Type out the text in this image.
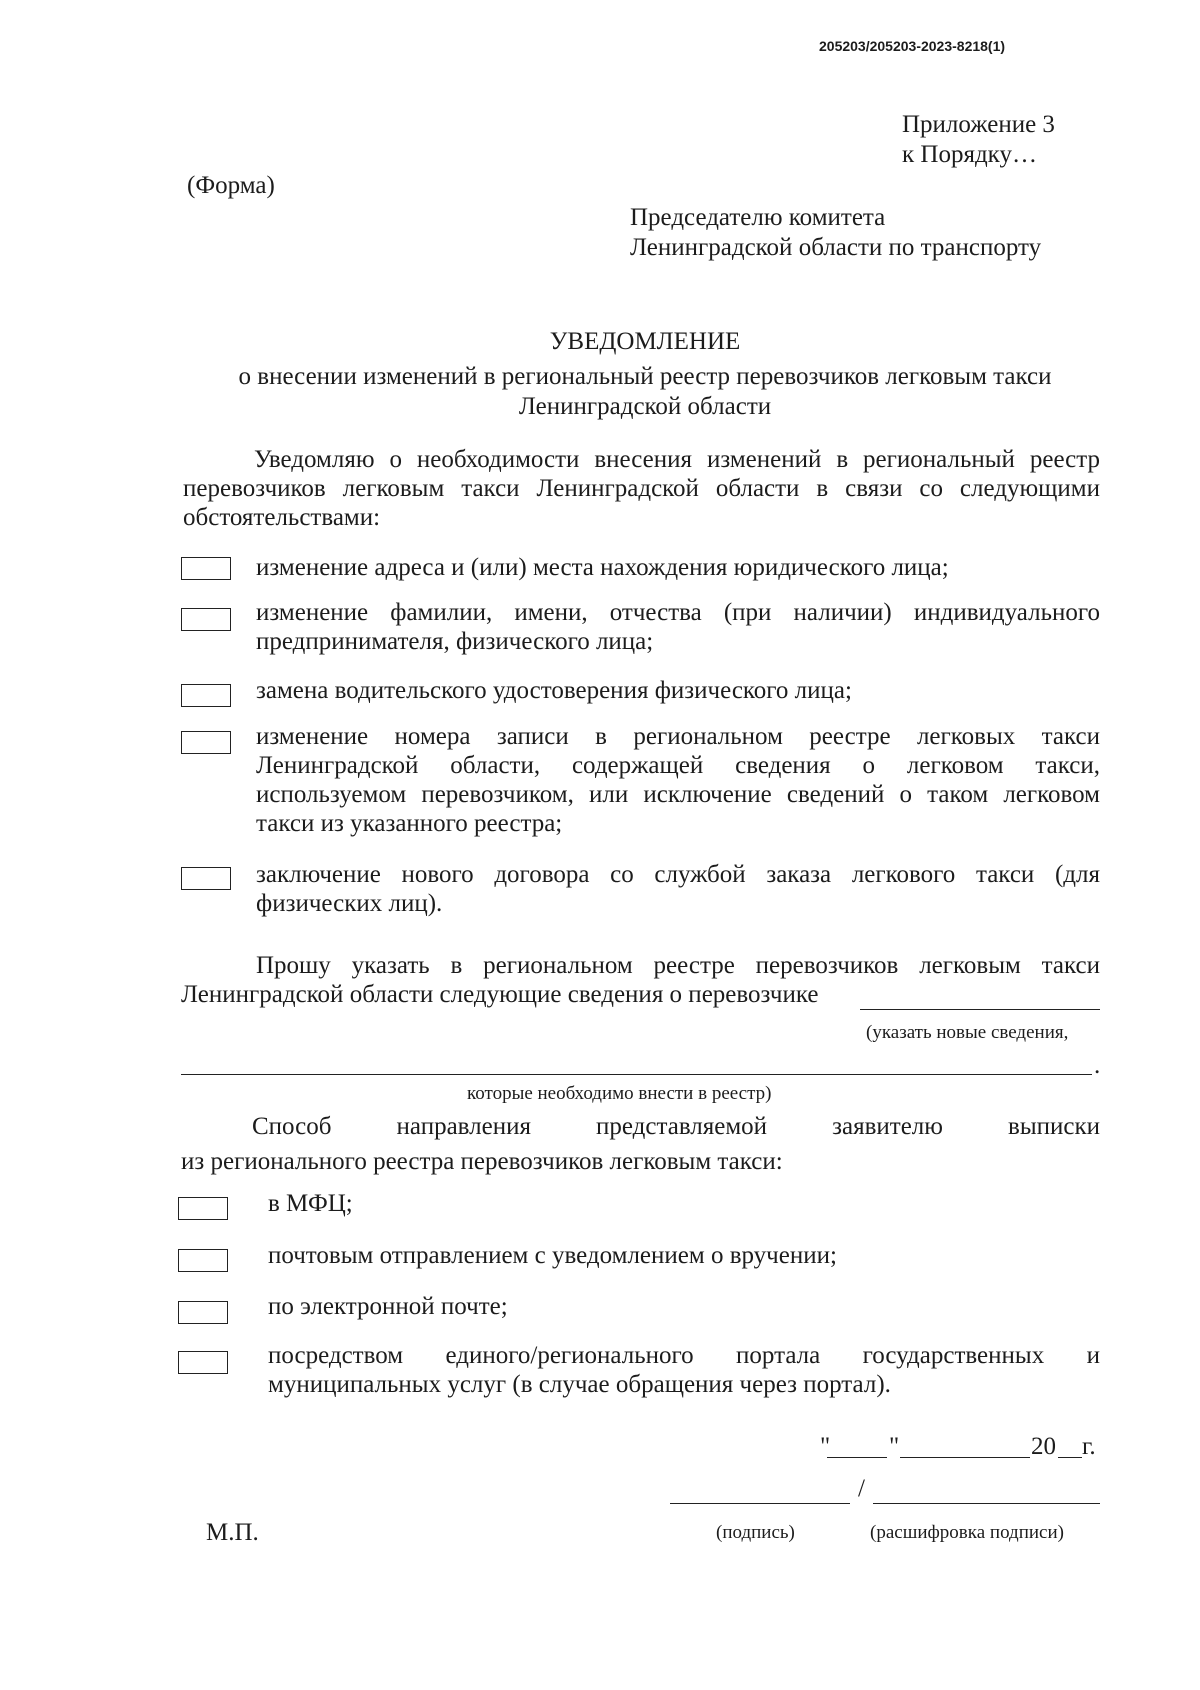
205203/205203-2023-8218(1)
Приложение 3
к Порядку…
(Форма)
Председателю комитета
Ленинградской области по транспорту
УВЕДОМЛЕНИЕ
о внесении изменений в региональный реестр перевозчиков легковым такси
Ленинградской области
Уведомляю о необходимости внесения изменений в региональный реестр перевозчиков легковым такси Ленинградской области в связи со следующими обстоятельствами:
изменение адреса и (или) места нахождения юридического лица;
изменение фамилии, имени, отчества (при наличии) индивидуального предпринимателя, физического лица;
замена водительского удостоверения физического лица;
изменение номера записи в региональном реестре легковых такси Ленинградской области, содержащей сведения о легковом такси, используемом перевозчиком, или исключение сведений о таком легковом такси из указанного реестра;
заключение нового договора со службой заказа легкового такси (для физических лиц).
Прошу указать в региональном реестре перевозчиков легковым такси
Ленинградской области следующие сведения о перевозчике
(указать новые сведения,
.
которые необходимо внести в реестр)
Способ направления представляемой заявителю выписки
из регионального реестра перевозчиков легковым такси:
в МФЦ;
почтовым отправлением с уведомлением о вручении;
по электронной почте;
посредством единого/регионального портала государственных и муниципальных услуг (в случае обращения через портал).
" "	20 г.
/
(подпись)	(расшифровка подписи)
М.П.
